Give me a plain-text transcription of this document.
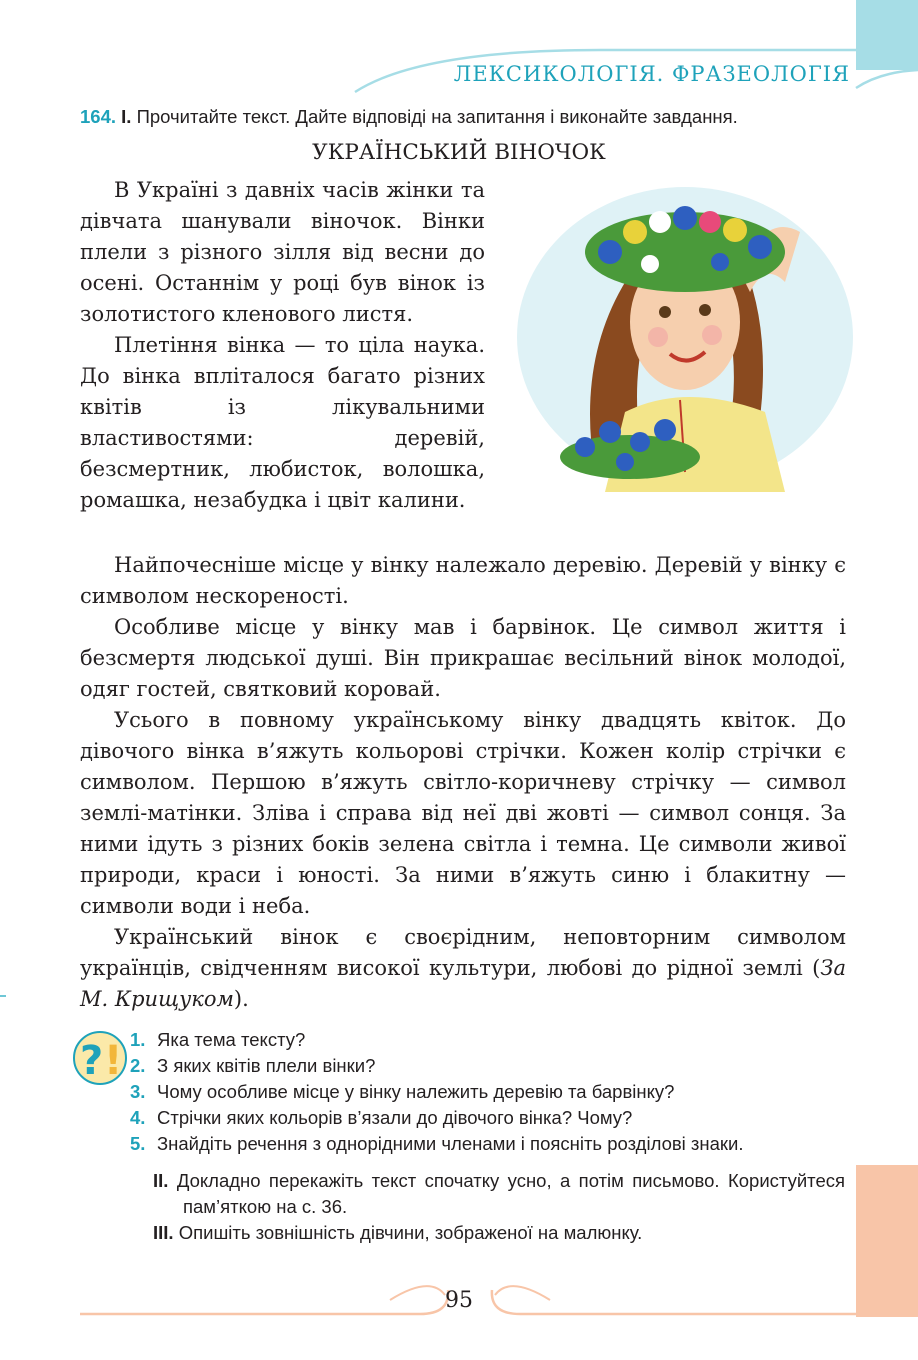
ЛЕКСИКОЛОГІЯ. ФРАЗЕОЛОГІЯ
164. І. Прочитайте текст. Дайте відповіді на запитання і виконайте завдання.
УКРАЇНСЬКИЙ ВІНОЧОК

В Україні з давніх часів жінки та дівчата шанували віночок. Вінки плели з різного зілля від весни до осені. Останнім у році був вінок із золотистого кленового листя.

Плетіння вінка — то ціла наука. До вінка впліталося багато різних квітів із лікувальними властивостями: деревій, безсмертник, любисток, волошка, ромашка, незабудка і цвіт калини.

Найпочесніше місце у вінку належало деревію. Деревій у вінку є символом нескореності.

Особливе місце у вінку мав і барвінок. Це символ життя і безсмертя людської душі. Він прикрашає весільний вінок молодої, одяг гостей, святковий коровай.

Усього в повному українському вінку двадцять квіток. До дівочого вінка в’яжуть кольорові стрічки. Кожен колір стрічки є символом. Першою в’яжуть світло-коричневу стрічку — символ землі-матінки. Зліва і справа від неї дві жовті — символ сонця. За ними ідуть з різних боків зелена світла і темна. Це символи живої природи, краси і юності. За ними в’яжуть синю і блакитну — символи води і неба.

Український вінок є своєрідним, неповторним символом українців, свідченням високої культури, любові до рідної землі (За М. Крищуком).

? ! 1. Яка тема тексту?
2. З яких квітів плели вінки?
3. Чому особливе місце у вінку належить деревію та барвінку?
4. Стрічки яких кольорів в’язали до дівочого вінка? Чому?
5. Знайдіть речення з однорідними членами і поясніть розділові знаки.

ІІ. Докладно перекажіть текст спочатку усно, а потім письмово. Користуйтеся пам’яткою на с. 36.

ІІІ. Опишіть зовнішність дівчини, зображеної на малюнку.

95
